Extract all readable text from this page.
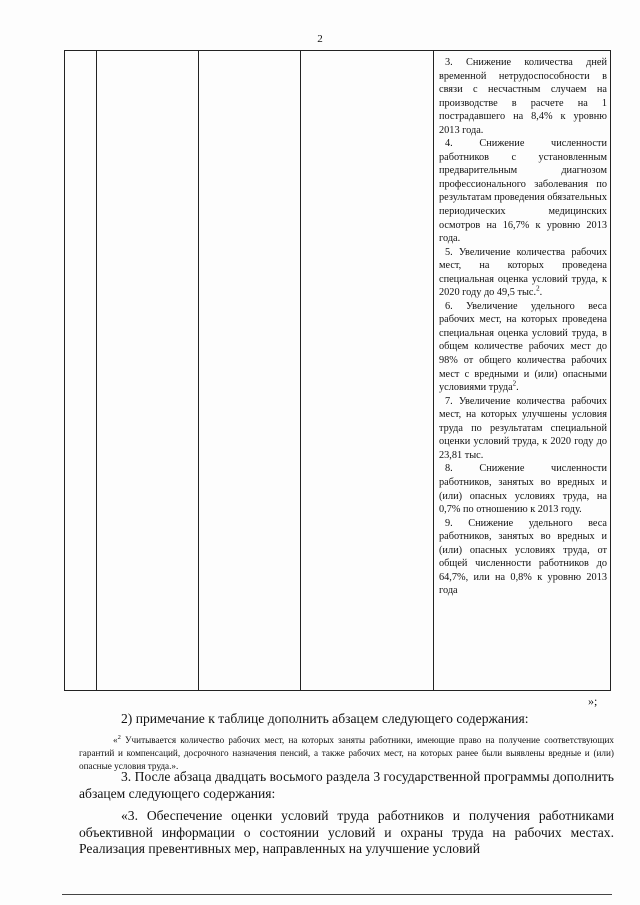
2

3. Снижение количества дней временной нетрудоспособности в связи с несчастным случаем на производстве в расчете на 1 пострадавшего на 8,4% к уровню 2013 года.

4. Снижение численности работников с установленным предварительным диагнозом профессионального заболевания по результатам проведения обязательных периодических медицинских осмотров на 16,7% к уровню 2013 года.

5. Увеличение количества рабочих мест, на которых проведена специальная оценка условий труда, к 2020 году до 49,5 тыс.$^2$.

6. Увеличение удельного веса рабочих мест, на которых проведена специальная оценка условий труда, в общем количестве рабочих мест до 98% от общего количества рабочих мест с вредными и (или) опасными условиями труда$^2$.

7. Увеличение количества рабочих мест, на которых улучшены условия труда по результатам специальной оценки условий труда, к 2020 году до 23,81 тыс.

8. Снижение численности работников, занятых во вредных и (или) опасных условиях труда, на 0,7% по отношению к 2013 году.

9. Снижение удельного веса работников, занятых во вредных и (или) опасных условиях труда, от общей численности работников до 64,7%, или на 0,8% к уровню 2013 года

»;
2) примечание к таблице дополнить абзацем следующего содержания:
«$^2$ Учитывается количество рабочих мест, на которых заняты работники, имеющие право на получение соответствующих гарантий и компенсаций, досрочного назначения пенсий, а также рабочих мест, на которых ранее были выявлены вредные и (или) опасные условия труда.».
3. После абзаца двадцать восьмого раздела 3 государственной программы дополнить абзацем следующего содержания:
«3. Обеспечение оценки условий труда работников и получения работниками объективной информации о состоянии условий и охраны труда на рабочих местах. Реализация превентивных мер, направленных на улучшение условий
